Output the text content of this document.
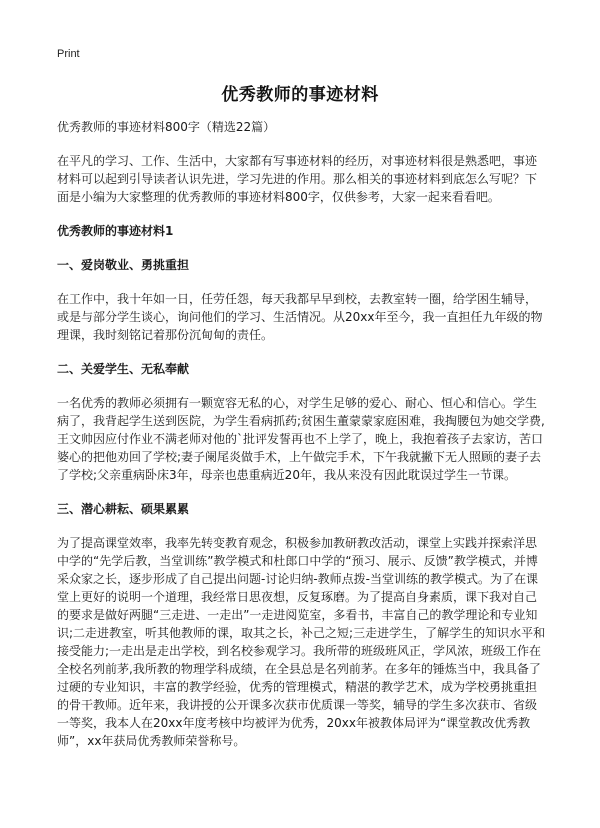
Print
优秀教师的事迹材料

优秀教师的事迹材料800字（精选22篇）

在平凡的学习、工作、生活中，大家都有写事迹材料的经历，对事迹材料很是熟悉吧，事迹材料可以起到引导读者认识先进，学习先进的作用。那么相关的事迹材料到底怎么写呢？下面是小编为大家整理的优秀教师的事迹材料800字，仅供参考，大家一起来看看吧。

优秀教师的事迹材料1

一、爱岗敬业、勇挑重担

在工作中，我十年如一日，任劳任怨，每天我都早早到校，去教室转一圈，给学困生辅导，或是与部分学生谈心，询问他们的学习、生活情况。从20xx年至今，我一直担任九年级的物理课，我时刻铭记着那份沉甸甸的责任。

二、关爱学生、无私奉献

一名优秀的教师必须拥有一颗宽容无私的心，对学生足够的爱心、耐心、恒心和信心。学生病了，我背起学生送到医院，为学生看病抓药;贫困生董蒙蒙家庭困难，我掏腰包为她交学费,王文帅因应付作业不满老师对他的`批评发誓再也不上学了，晚上，我抱着孩子去家访，苦口婆心的把他劝回了学校;妻子阑尾炎做手术，上午做完手术，下午我就撇下无人照顾的妻子去了学校;父亲重病卧床3年，母亲也患重病近20年，我从来没有因此耽误过学生一节课。

三、潜心耕耘、硕果累累

为了提高课堂效率，我率先转变教育观念，积极参加教研教改活动，课堂上实践并探索洋思中学的“先学后教，当堂训练”教学模式和杜郎口中学的“预习、展示、反馈”教学模式，并博采众家之长，逐步形成了自己提出问题-讨论归纳-教师点拨-当堂训练的教学模式。为了在课堂上更好的说明一个道理，我经常日思夜想，反复琢磨。为了提高自身素质，课下我对自己的要求是做好两腿“三走进、一走出”一走进阅览室，多看书，丰富自己的教学理论和专业知识;二走进教室，听其他教师的课，取其之长，补己之短;三走进学生，了解学生的知识水平和接受能力;一走出是走出学校，到名校参观学习。我所带的班级班风正，学风浓，班级工作在全校名列前茅,我所教的物理学科成绩，在全县总是名列前茅。在多年的锤炼当中，我具备了过硬的专业知识，丰富的教学经验，优秀的管理模式，精湛的教学艺术，成为学校勇挑重担的骨干教师。近年来，我讲授的公开课多次获市优质课一等奖，辅导的学生多次获市、省级一等奖，我本人在20xx年度考核中均被评为优秀，20xx年被教体局评为“课堂教改优秀教师”，xx年获局优秀教师荣誉称号。
